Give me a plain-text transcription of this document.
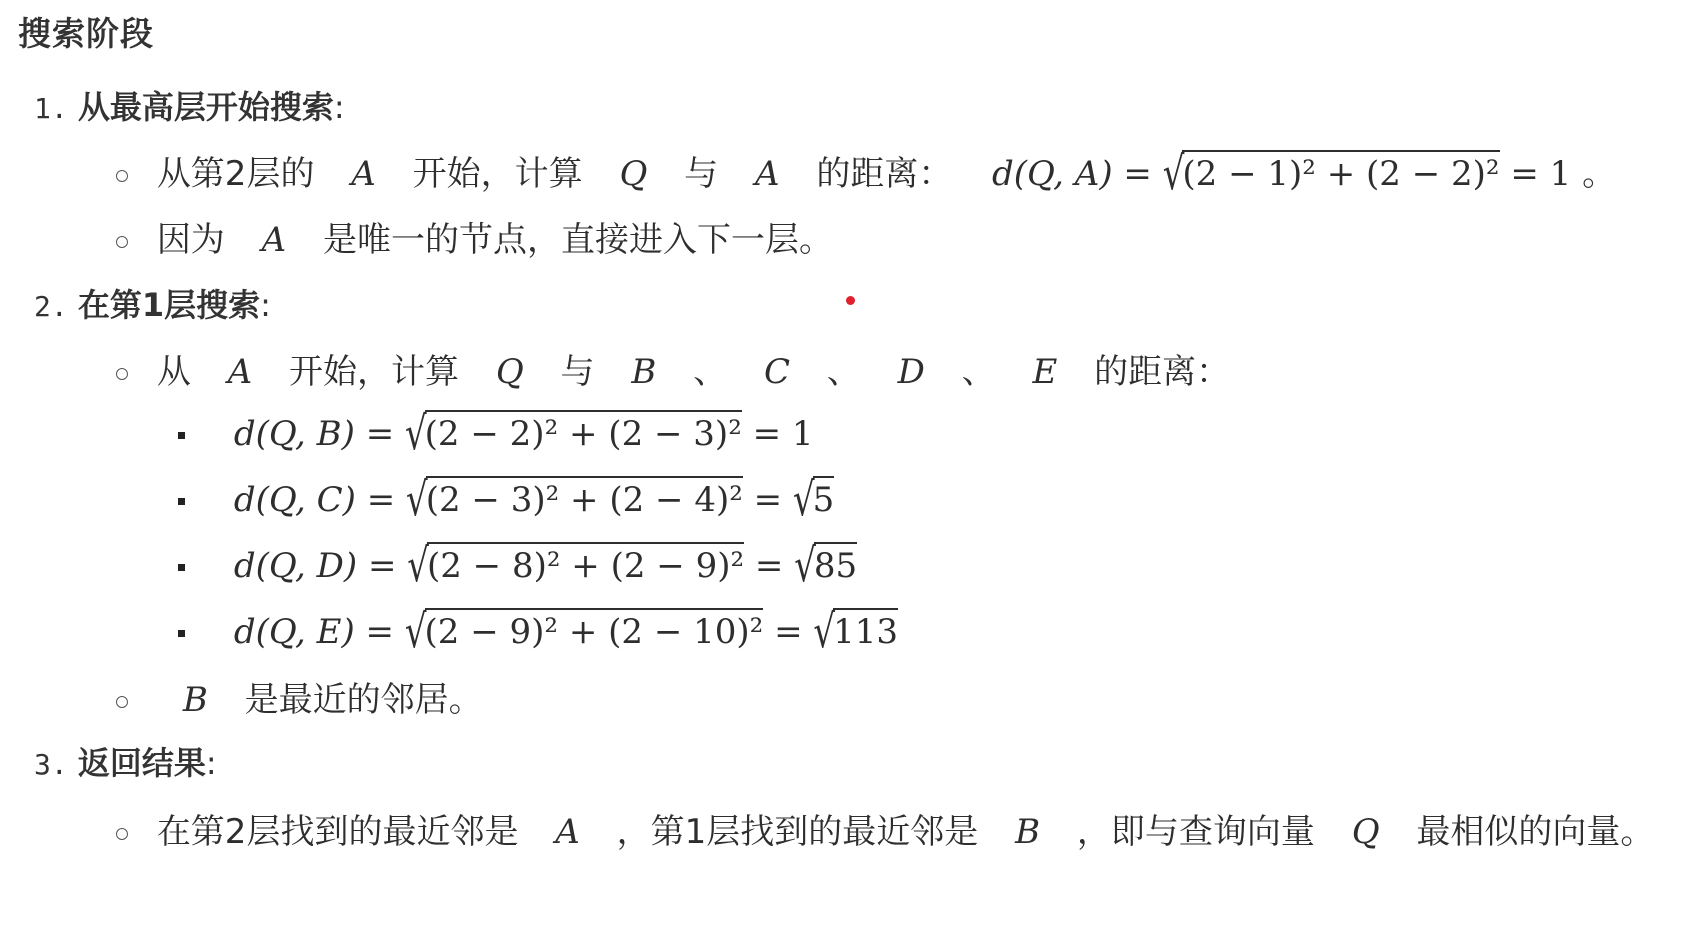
搜索阶段
1. 从最高层开始搜索:
从第2层的 A 开始，计算 Q 与 A 的距离： d(Q, A) = √(2 − 1)² + (2 − 2)² = 1 。
因为 A 是唯一的节点，直接进入下一层。
2. 在第1层搜索:
从 A 开始，计算 Q 与 B 、 C 、 D 、 E 的距离：
d(Q, B) = √(2 − 2)² + (2 − 3)² = 1
d(Q, C) = √(2 − 3)² + (2 − 4)² = √5
d(Q, D) = √(2 − 8)² + (2 − 9)² = √85
d(Q, E) = √(2 − 9)² + (2 − 10)² = √113
B 是最近的邻居。
3. 返回结果:
在第2层找到的最近邻是 A ，第1层找到的最近邻是 B ，即与查询向量 Q 最相似的向量。
